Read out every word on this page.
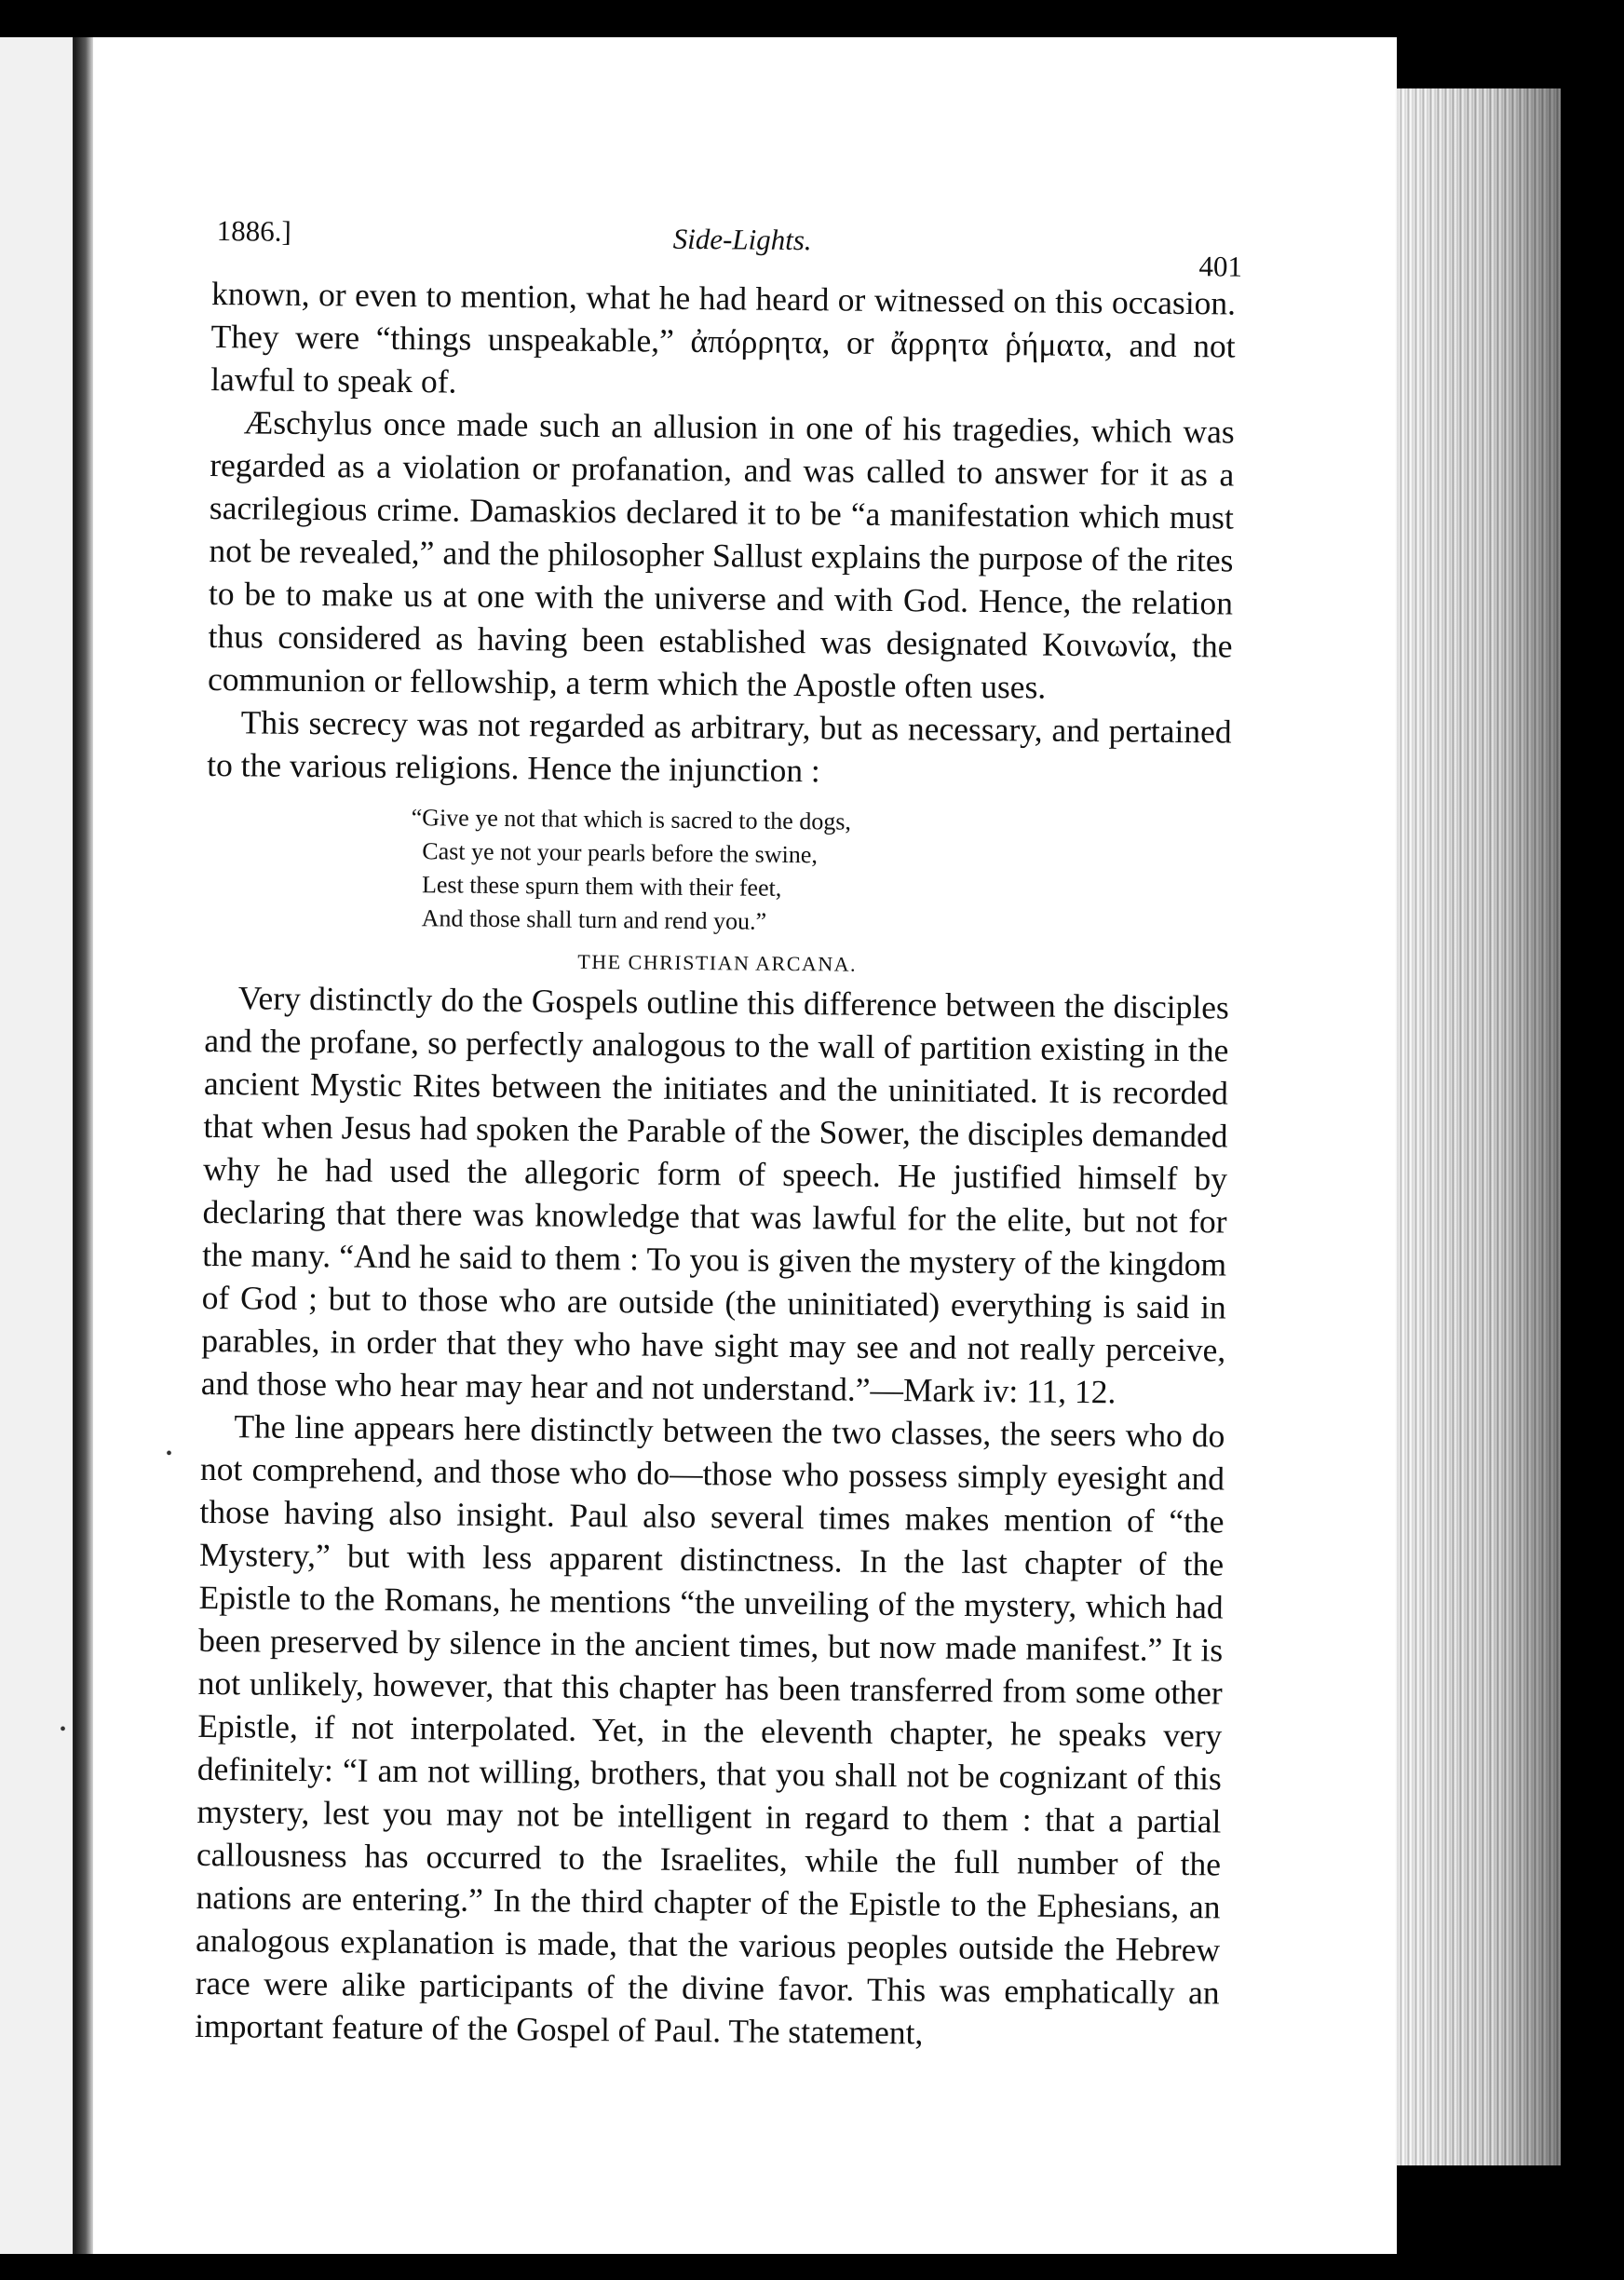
•
•
1886.]	Side-Lights.
401

known, or even to mention, what he had heard or witnessed on this occasion. They were “things unspeakable,” ἀπόρρητα, or ἄρρητα ῥήματα, and not lawful to speak of.

Æschylus once made such an allusion in one of his tragedies, which was regarded as a violation or profanation, and was called to answer for it as a sacrilegious crime. Damaskios declared it to be “a manifestation which must not be revealed,” and the philosopher Sallust explains the purpose of the rites to be to make us at one with the universe and with God. Hence, the relation thus considered as having been established was designated Κοινωνία, the communion or fellowship, a term which the Apostle often uses.

This secrecy was not regarded as arbitrary, but as necessary, and pertained to the various religions. Hence the injunction :

“Give ye not that which is sacred to the dogs,
Cast ye not your pearls before the swine,
Lest these spurn them with their feet,
And those shall turn and rend you.”
THE CHRISTIAN ARCANA.

Very distinctly do the Gospels outline this difference between the disciples and the profane, so perfectly analogous to the wall of partition existing in the ancient Mystic Rites between the initiates and the uninitiated. It is recorded that when Jesus had spoken the Parable of the Sower, the disciples demanded why he had used the allegoric form of speech. He justified himself by declaring that there was knowledge that was lawful for the elite, but not for the many. “And he said to them : To you is given the mystery of the kingdom of God ; but to those who are outside (the uninitiated) everything is said in parables, in order that they who have sight may see and not really perceive, and those who hear may hear and not understand.”—Mark iv: 11, 12.

The line appears here distinctly between the two classes, the seers who do not comprehend, and those who do—those who possess simply eyesight and those having also insight. Paul also several times makes mention of “the Mystery,” but with less apparent distinctness. In the last chapter of the Epistle to the Romans, he mentions “the unveiling of the mystery, which had been preserved by silence in the ancient times, but now made manifest.” It is not unlikely, however, that this chapter has been transferred from some other Epistle, if not interpolated. Yet, in the eleventh chapter, he speaks very definitely: “I am not willing, brothers, that you shall not be cognizant of this mystery, lest you may not be intelligent in regard to them : that a partial callousness has occurred to the Israelites, while the full number of the nations are entering.” In the third chapter of the Epistle to the Ephesians, an analogous explanation is made, that the various peoples outside the Hebrew race were alike participants of the divine favor. This was emphatically an important feature of the Gospel of Paul. The statement,
